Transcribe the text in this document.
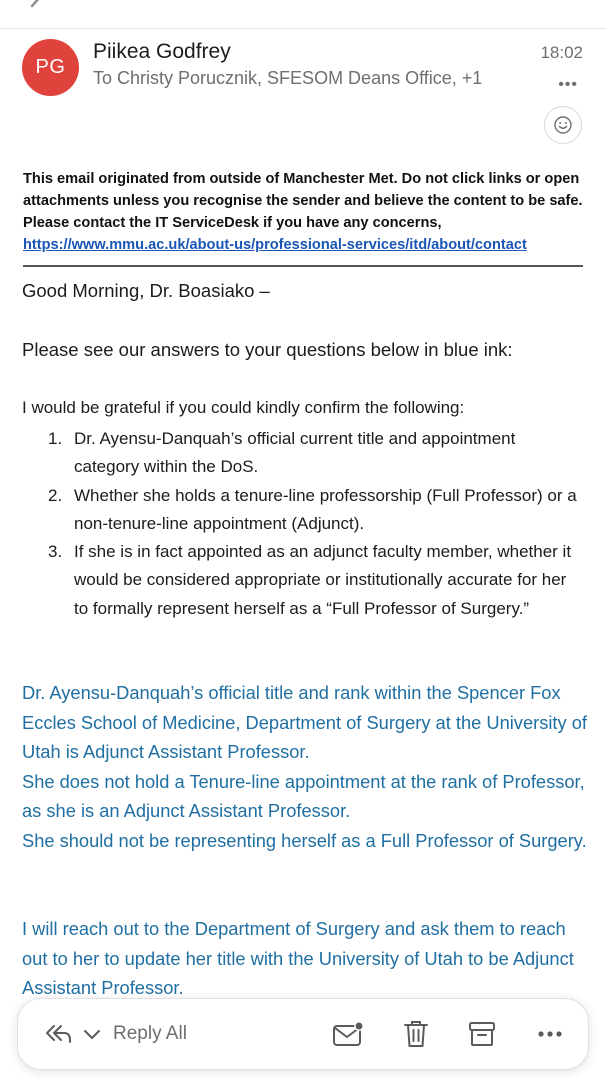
PG
Piikea Godfrey
To Christy Porucznik, SFESOM Deans Office, +1
18:02
•••
This email originated from outside of Manchester Met. Do not click links or open attachments unless you recognise the sender and believe the content to be safe. Please contact the IT ServiceDesk if you have any concerns,
https://www.mmu.ac.uk/about-us/professional-services/itd/about/contact
Good Morning, Dr. Boasiako –
Please see our answers to your questions below in blue ink:
I would be grateful if you could kindly confirm the following:
1. Dr. Ayensu-Danquah’s official current title and appointment category within the DoS.
2. Whether she holds a tenure-line professorship (Full Professor) or a non-tenure-line appointment (Adjunct).
3. If she is in fact appointed as an adjunct faculty member, whether it would be considered appropriate or institutionally accurate for her to formally represent herself as a “Full Professor of Surgery.”

Dr. Ayensu-Danquah’s official title and rank within the Spencer Fox Eccles School of Medicine, Department of Surgery at the University of Utah is Adjunct Assistant Professor.

She does not hold a Tenure-line appointment at the rank of Professor, as she is an Adjunct Assistant Professor.

She should not be representing herself as a Full Professor of Surgery.

I will reach out to the Department of Surgery and ask them to reach out to her to update her title with the University of Utah to be Adjunct Assistant Professor.

Reply All
